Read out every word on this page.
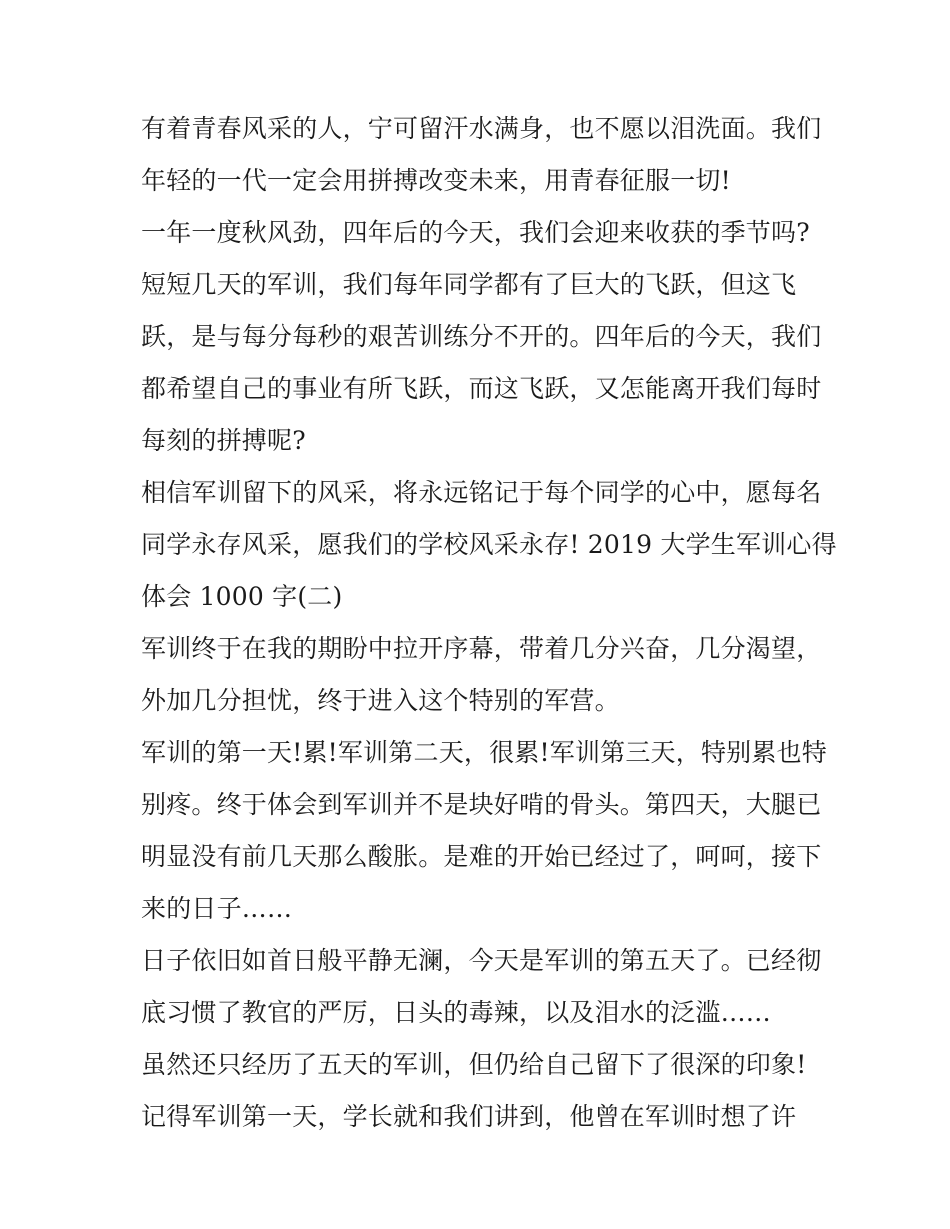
有着青春风采的人，宁可留汗水满身，也不愿以泪洗面。我们
年轻的一代一定会用拼搏改变未来，用青春征服一切!
一年一度秋风劲，四年后的今天，我们会迎来收获的季节吗?
短短几天的军训，我们每年同学都有了巨大的飞跃，但这飞
跃，是与每分每秒的艰苦训练分不开的。四年后的今天，我们
都希望自己的事业有所飞跃，而这飞跃，又怎能离开我们每时
每刻的拼搏呢?
相信军训留下的风采，将永远铭记于每个同学的心中，愿每名
同学永存风采，愿我们的学校风采永存! 2019 大学生军训心得
体会 1000 字(二)
军训终于在我的期盼中拉开序幕，带着几分兴奋，几分渴望，
外加几分担忧，终于进入这个特别的军营。
军训的第一天!累!军训第二天，很累!军训第三天，特别累也特
别疼。终于体会到军训并不是块好啃的骨头。第四天，大腿已
明显没有前几天那么酸胀。是难的开始已经过了，呵呵，接下
来的日子……
日子依旧如首日般平静无澜，今天是军训的第五天了。已经彻
底习惯了教官的严厉，日头的毒辣，以及泪水的泛滥……
虽然还只经历了五天的军训，但仍给自己留下了很深的印象!
记得军训第一天，学长就和我们讲到，他曾在军训时想了许
